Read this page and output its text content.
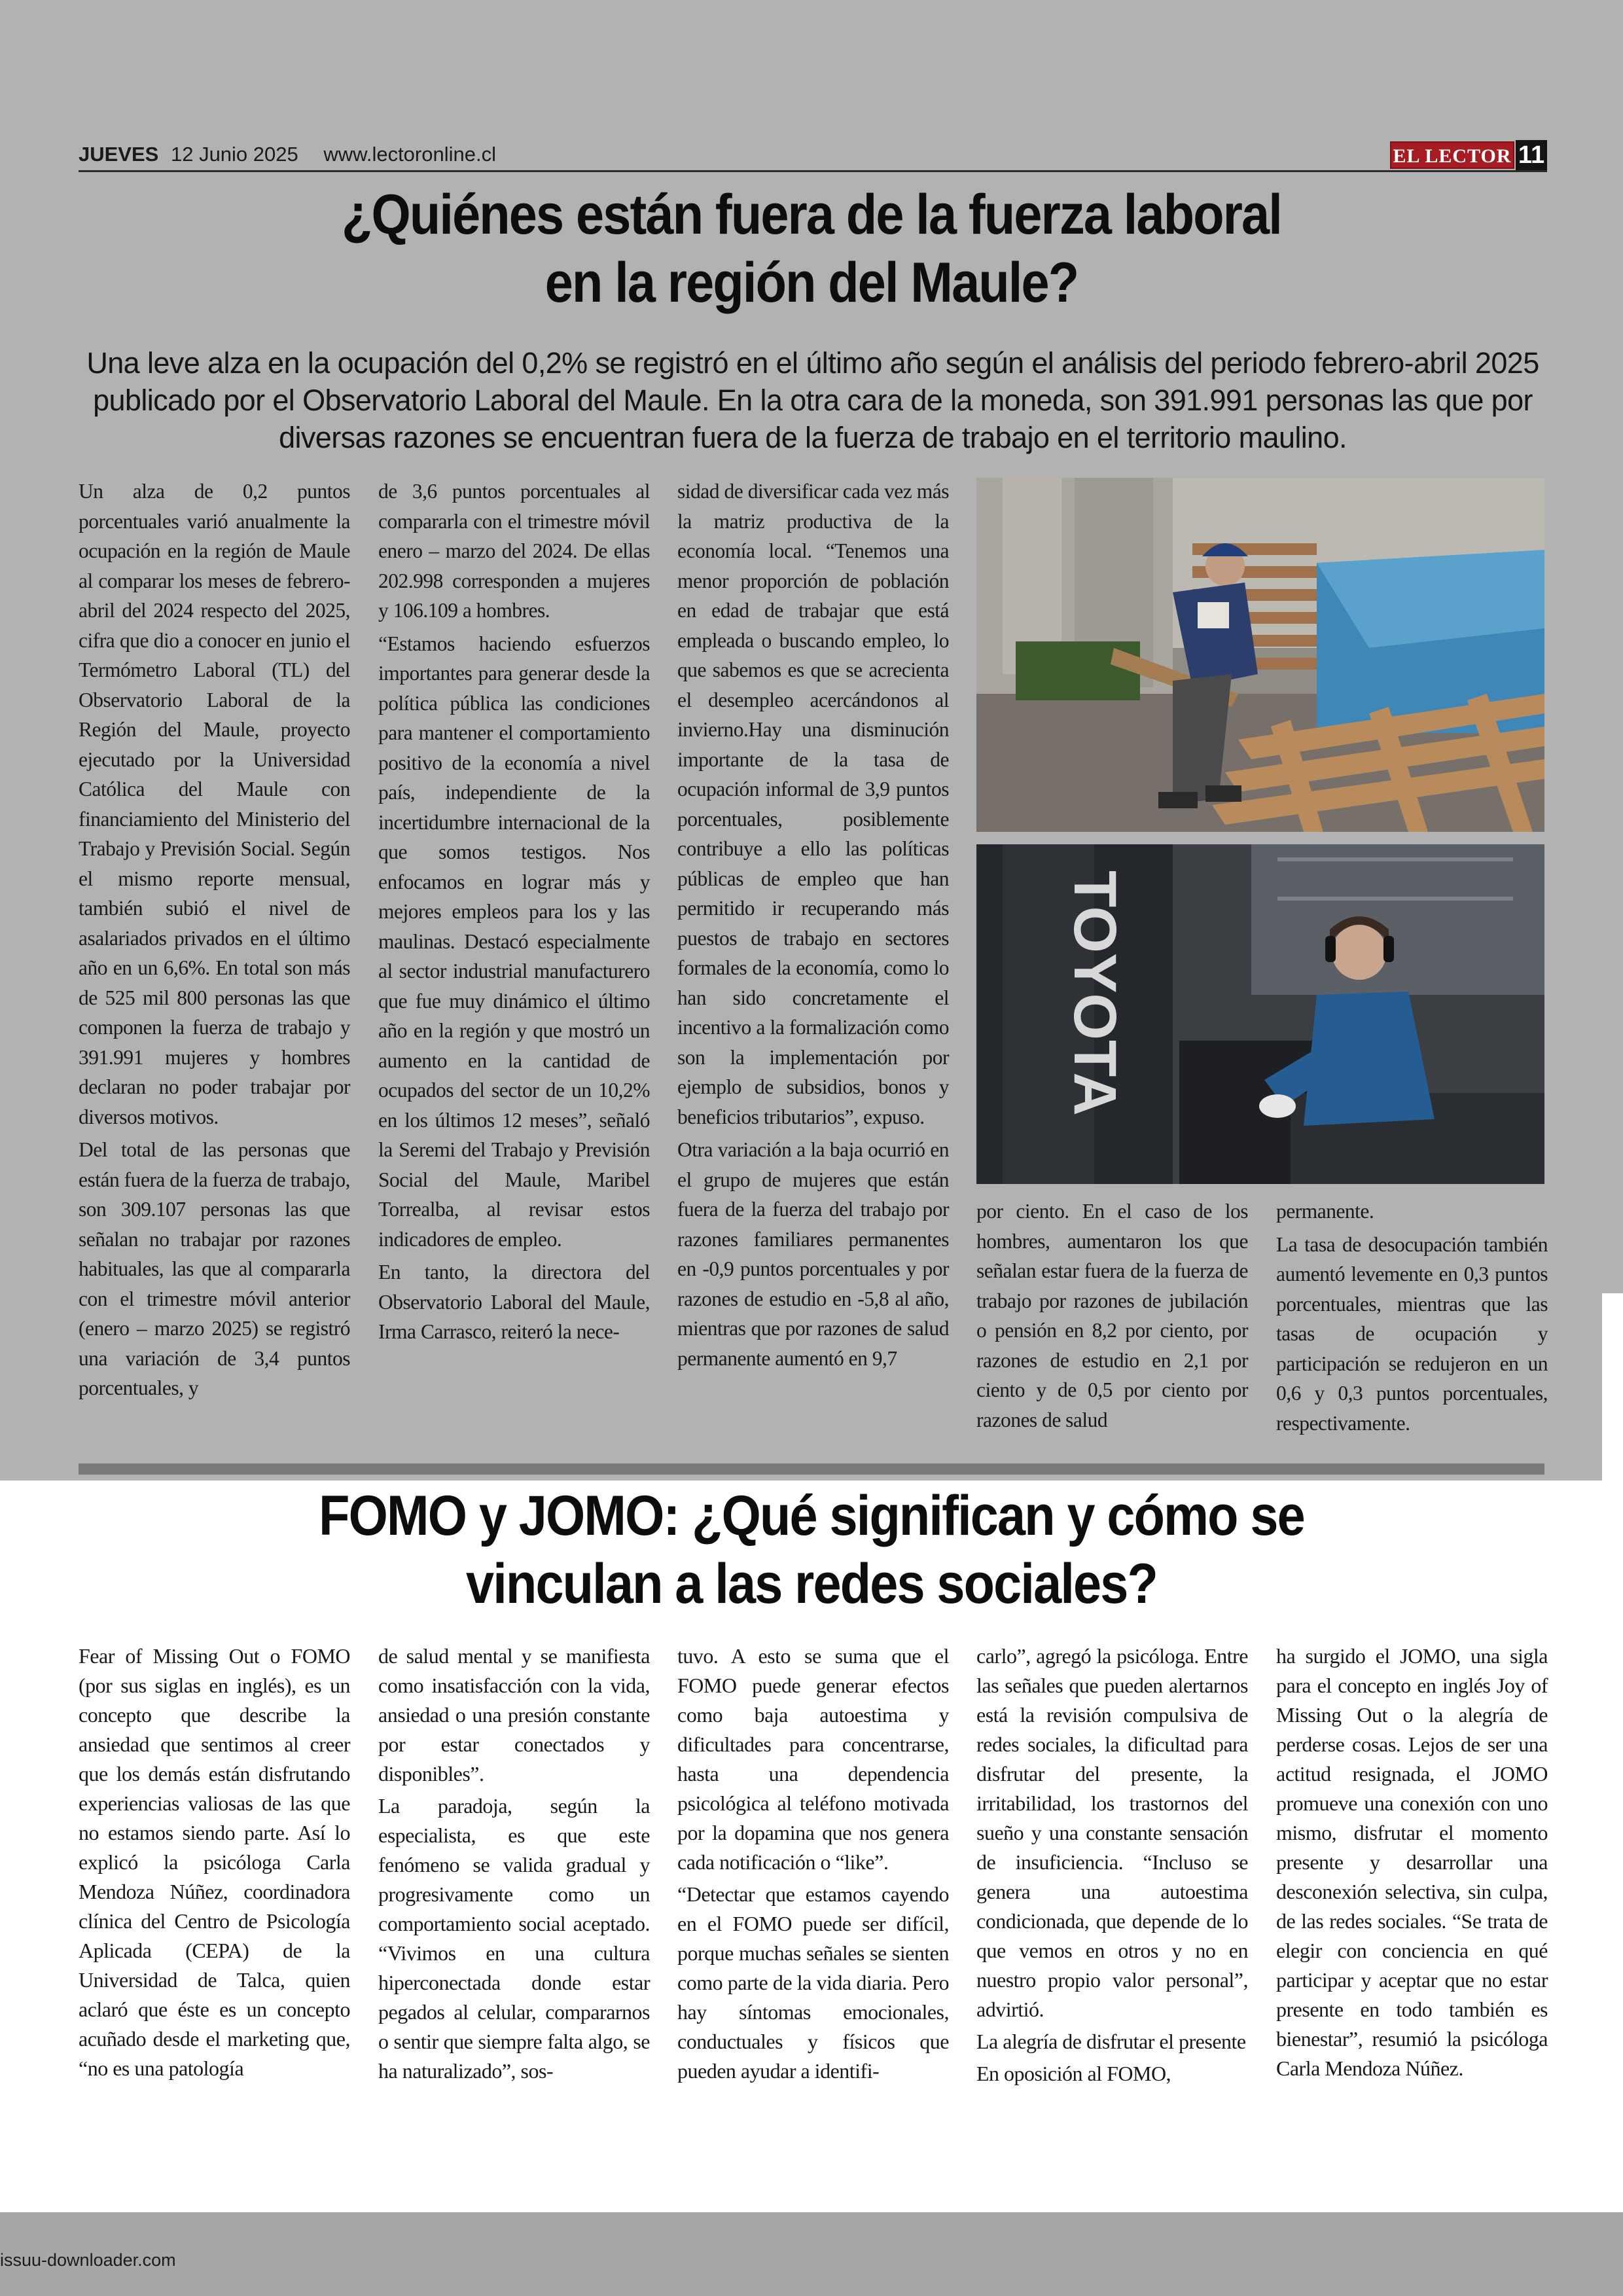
JUEVES 12 Junio 2025 www.lectoronline.cl	EL LECTOR 11
¿Quiénes están fuera de la fuerza laboral
en la región del Maule?
Una leve alza en la ocupación del 0,2% se registró en el último año según el análisis del periodo febrero-abril 2025 publicado por el Observatorio Laboral del Maule. En la otra cara de la moneda, son 391.991 personas las que por diversas razones se encuentran fuera de la fuerza de trabajo en el territorio maulino.

Un alza de 0,2 puntos porcentuales varió anualmente la ocupación en la región de Maule al comparar los meses de febrero-abril del 2024 respecto del 2025, cifra que dio a conocer en junio el Termómetro Laboral (TL) del Observatorio Laboral de la Región del Maule, proyecto ejecutado por la Universidad Católica del Maule con financiamiento del Ministerio del Trabajo y Previsión Social. Según el mismo reporte mensual, también subió el nivel de asalariados privados en el último año en un 6,6%. En total son más de 525 mil 800 personas las que componen la fuerza de trabajo y 391.991 mujeres y hombres declaran no poder trabajar por diversos motivos.

Del total de las personas que están fuera de la fuerza de trabajo, son 309.107 personas las que señalan no trabajar por razones habituales, las que al compararla con el trimestre móvil anterior (enero – marzo 2025) se registró una variación de 3,4 puntos porcentuales, y

de 3,6 puntos porcentuales al compararla con el trimestre móvil enero – marzo del 2024. De ellas 202.998 corresponden a mujeres y 106.109 a hombres.

“Estamos haciendo esfuerzos importantes para generar desde la política pública las condiciones para mantener el comportamiento positivo de la economía a nivel país, independiente de la incertidumbre internacional de la que somos testigos. Nos enfocamos en lograr más y mejores empleos para los y las maulinas. Destacó especialmente al sector industrial manufacturero que fue muy dinámico el último año en la región y que mostró un aumento en la cantidad de ocupados del sector de un 10,2% en los últimos 12 meses”, señaló la Seremi del Trabajo y Previsión Social del Maule, Maribel Torrealba, al revisar estos indicadores de empleo.

En tanto, la directora del Observatorio Laboral del Maule, Irma Carrasco, reiteró la nece-

sidad de diversificar cada vez más la matriz productiva de la economía local. “Tenemos una menor proporción de población en edad de trabajar que está empleada o buscando empleo, lo que sabemos es que se acrecienta el desempleo acercándonos al invierno.Hay una disminución importante de la tasa de ocupación informal de 3,9 puntos porcentuales, posiblemente contribuye a ello las políticas públicas de empleo que han permitido ir recuperando más puestos de trabajo en sectores formales de la economía, como lo han sido concretamente el incentivo a la formalización como son la implementación por ejemplo de subsidios, bonos y beneficios tributarios”, expuso.

Otra variación a la baja ocurrió en el grupo de mujeres que están fuera de la fuerza del trabajo por razones familiares permanentes en -0,9 puntos porcentuales y por razones de estudio en -5,8 al año, mientras que por razones de salud permanente aumentó en 9,7

por ciento. En el caso de los hombres, aumentaron los que señalan estar fuera de la fuerza de trabajo por razones de jubilación o pensión en 8,2 por ciento, por razones de estudio en 2,1 por ciento y de 0,5 por ciento por razones de salud

permanente.

La tasa de desocupación también aumentó levemente en 0,3 puntos porcentuales, mientras que las tasas de ocupación y participación se redujeron en un 0,6 y 0,3 puntos porcentuales, respectivamente.

TOYOTA
FOMO y JOMO: ¿Qué significan y cómo se
vinculan a las redes sociales?

Fear of Missing Out o FOMO (por sus siglas en inglés), es un concepto que describe la ansiedad que sentimos al creer que los demás están disfrutando experiencias valiosas de las que no estamos siendo parte. Así lo explicó la psicóloga Carla Mendoza Núñez, coordinadora clínica del Centro de Psicología Aplicada (CEPA) de la Universidad de Talca, quien aclaró que éste es un concepto acuñado desde el marketing que, “no es una patología

de salud mental y se manifiesta como insatisfacción con la vida, ansiedad o una presión constante por estar conectados y disponibles”.

La paradoja, según la especialista, es que este fenómeno se valida gradual y progresivamente como un comportamiento social aceptado. “Vivimos en una cultura hiperconectada donde estar pegados al celular, compararnos o sentir que siempre falta algo, se ha naturalizado”, sos-

tuvo. A esto se suma que el FOMO puede generar efectos como baja autoestima y dificultades para concentrarse, hasta una dependencia psicológica al teléfono motivada por la dopamina que nos genera cada notificación o “like”.

“Detectar que estamos cayendo en el FOMO puede ser difícil, porque muchas señales se sienten como parte de la vida diaria. Pero hay síntomas emocionales, conductuales y físicos que pueden ayudar a identifi-

carlo”, agregó la psicóloga. Entre las señales que pueden alertarnos está la revisión compulsiva de redes sociales, la dificultad para disfrutar del presente, la irritabilidad, los trastornos del sueño y una constante sensación de insuficiencia. “Incluso se genera una autoestima condicionada, que depende de lo que vemos en otros y no en nuestro propio valor personal”, advirtió.

La alegría de disfrutar el presente

En oposición al FOMO,

ha surgido el JOMO, una sigla para el concepto en inglés Joy of Missing Out o la alegría de perderse cosas. Lejos de ser una actitud resignada, el JOMO promueve una conexión con uno mismo, disfrutar el momento presente y desarrollar una desconexión selectiva, sin culpa, de las redes sociales. “Se trata de elegir con conciencia en qué participar y aceptar que no estar presente en todo también es bienestar”, resumió la psicóloga Carla Mendoza Núñez.

issuu-downloader.com
